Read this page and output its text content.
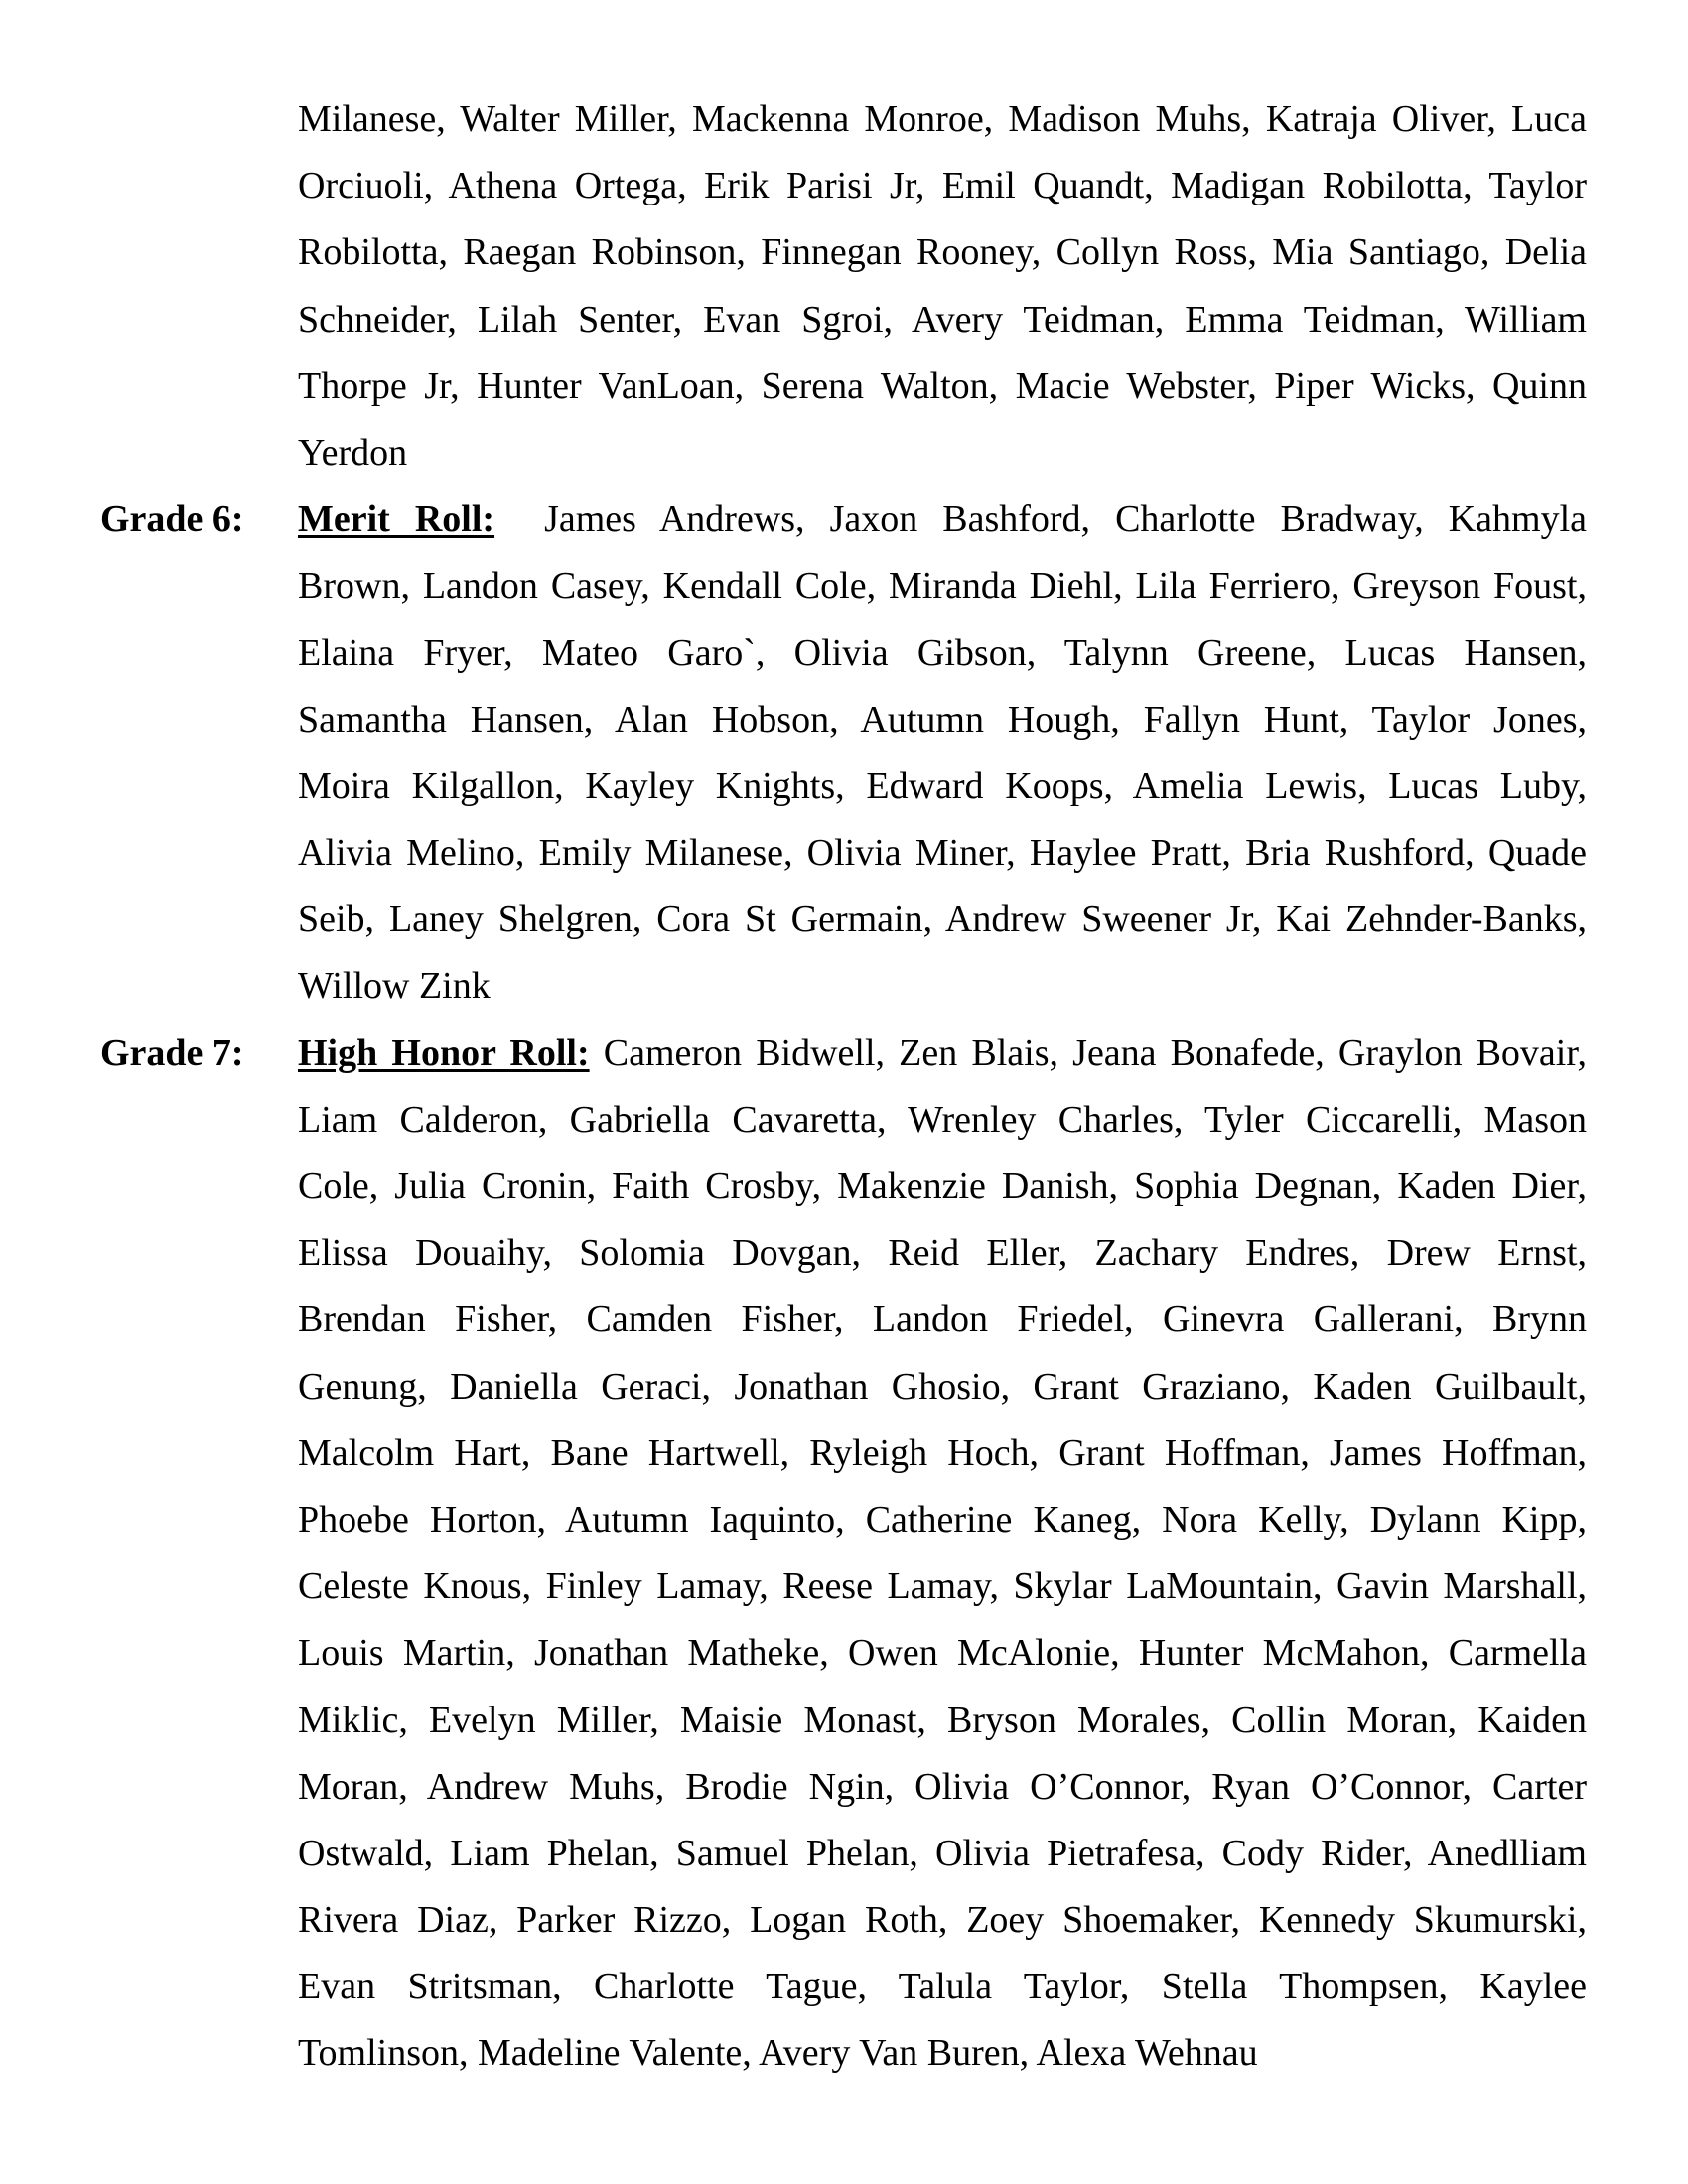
Milanese, Walter Miller, Mackenna Monroe, Madison Muhs, Katraja Oliver, Luca
Orciuoli, Athena Ortega, Erik Parisi Jr, Emil Quandt, Madigan Robilotta, Taylor
Robilotta, Raegan Robinson, Finnegan Rooney, Collyn Ross, Mia Santiago, Delia
Schneider, Lilah Senter, Evan Sgroi, Avery Teidman, Emma Teidman, William
Thorpe Jr, Hunter VanLoan, Serena Walton, Macie Webster, Piper Wicks, Quinn
Yerdon
Grade 6: Merit Roll:  James Andrews, Jaxon Bashford, Charlotte Bradway, Kahmyla
Brown, Landon Casey, Kendall Cole, Miranda Diehl, Lila Ferriero, Greyson Foust,
Elaina Fryer, Mateo Garo`, Olivia Gibson, Talynn Greene, Lucas Hansen,
Samantha Hansen, Alan Hobson, Autumn Hough, Fallyn Hunt, Taylor Jones,
Moira Kilgallon, Kayley Knights, Edward Koops, Amelia Lewis, Lucas Luby,
Alivia Melino, Emily Milanese, Olivia Miner, Haylee Pratt, Bria Rushford, Quade
Seib, Laney Shelgren, Cora St Germain, Andrew Sweener Jr, Kai Zehnder-Banks,
Willow Zink
Grade 7: High Honor Roll: Cameron Bidwell, Zen Blais, Jeana Bonafede, Graylon Bovair,
Liam Calderon, Gabriella Cavaretta, Wrenley Charles, Tyler Ciccarelli, Mason
Cole, Julia Cronin, Faith Crosby, Makenzie Danish, Sophia Degnan, Kaden Dier,
Elissa Douaihy, Solomia Dovgan, Reid Eller, Zachary Endres, Drew Ernst,
Brendan Fisher, Camden Fisher, Landon Friedel, Ginevra Gallerani, Brynn
Genung, Daniella Geraci, Jonathan Ghosio, Grant Graziano, Kaden Guilbault,
Malcolm Hart, Bane Hartwell, Ryleigh Hoch, Grant Hoffman, James Hoffman,
Phoebe Horton, Autumn Iaquinto, Catherine Kaneg, Nora Kelly, Dylann Kipp,
Celeste Knous, Finley Lamay, Reese Lamay, Skylar LaMountain, Gavin Marshall,
Louis Martin, Jonathan Matheke, Owen McAlonie, Hunter McMahon, Carmella
Miklic, Evelyn Miller, Maisie Monast, Bryson Morales, Collin Moran, Kaiden
Moran, Andrew Muhs, Brodie Ngin, Olivia O’Connor, Ryan O’Connor, Carter
Ostwald, Liam Phelan, Samuel Phelan, Olivia Pietrafesa, Cody Rider, Anedlliam
Rivera Diaz, Parker Rizzo, Logan Roth, Zoey Shoemaker, Kennedy Skumurski,
Evan Stritsman, Charlotte Tague, Talula Taylor, Stella Thompsen, Kaylee
Tomlinson, Madeline Valente, Avery Van Buren, Alexa Wehnau
